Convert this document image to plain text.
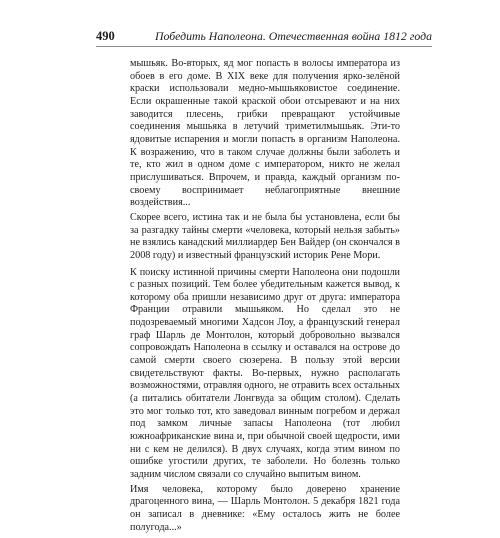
490	Победить Наполеона. Отечественная война 1812 года

мышьяк. Во-вторых, яд мог попасть в волосы императора из обоев в его доме. В XIX веке для получения ярко-зелёной краски использовали медно-мышьяковистое соединение. Если окрашенные такой краской обои отсыревают и на них заводится плесень, грибки превращают устойчивые соединения мышьяка в летучий триметилмышьяк. Эти-то ядовитые испарения и могли попасть в организм Наполеона. К возражению, что в таком случае должны были заболеть и те, кто жил в одном доме с императором, никто не желал прислушиваться. Впрочем, и правда, каждый организм по-своему воспринимает неблагоприятные внешние воздействия...

Скорее всего, истина так и не была бы установлена, если бы за разгадку тайны смерти «человека, который нельзя забыть» не взялись канадский миллиардер Бен Вайдер (он скончался в 2008 году) и известный французский историк Рене Мори.

К поиску истинной причины смерти Наполеона они подошли с разных позиций. Тем более убедительным кажется вывод, к которому оба пришли независимо друг от друга: императора Франции отравили мышьяком. Но сделал это не подозреваемый многими Хадсон Лоу, а французский генерал граф Шарль де Монтолон, который добровольно вызвался сопровождать Наполеона в ссылку и оставался на острове до самой смерти своего сюзерена. В пользу этой версии свидетельствуют факты. Во-первых, нужно располагать возможностями, отравляя одного, не отравить всех остальных (а питались обитатели Лонгвуда за общим столом). Сделать это мог только тот, кто заведовал винным погребом и держал под замком личные запасы Наполеона (тот любил южноафриканские вина и, при обычной своей щедрости, ими ни с кем не делился). В двух случаях, когда этим вином по ошибке угостили других, те заболели. Но болезнь только задним числом связали со случайно выпитым вином.

Имя человека, которому было доверено хранение драгоценного вина, — Шарль Монтолон. 5 декабря 1821 года он записал в дневнике: «Ему осталось жить не более полугода...»
